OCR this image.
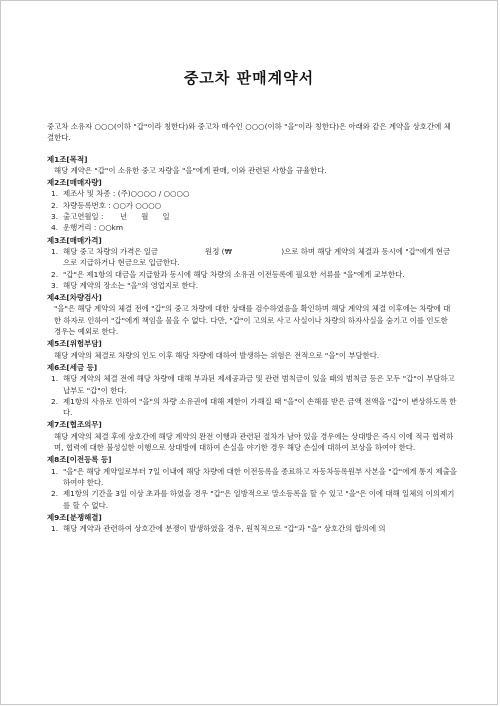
중고차 판매계약서

중고차 소유자 ○○○(이하 "갑"이라 칭한다)와 중고차 매수인 ○○○(이하 "을"이라 칭한다)은 아래와 같은 계약을 상호간에 체결한다.

제1조[목적]

해당 계약은 "갑"이 소유한 중고 자량을 "을"에게 판매, 이와 관련된 사항을 규율한다.

제2조[매매자량]

1. 제조사 및 차종 : (주)○○○○ / ○○○○
2. 차량등록번호 : ○○가 ○○○○
3. 출고연월일 :       년      월      일
4. 운행거리 : ○○km

제3조[매매가격]

1. 해당 중고 차량의 가격은 일금                    원정 (₩                     )으로 하며 해당 계약의 체결과 동시에 "갑"에게 현금으로 지급하거나 현금으로 입금한다.
2. "갑"은 제1항의 대금을 지급함과 동시에 해당 차량의 소유권 이전등록에 필요한 서류를 "을"에게 교부한다.
3. 해당 계약의 장소는 "을"의 영업지로 한다.

제4조[차량검사]

"을"은 해당 계약의 체결 전에 "갑"의 중고 차량에 대한 상태를 검수하였음을 확인하며 해당 계약의 체결 이후에는 차량에 대한 하자로 인하여 "갑"에게 책임을 물을 수 없다. 다만, "갑"이 고의로 사고 사실이나 차량의 하자사실을 숨기고 이를 인도한 경우는 예외로 한다.

제5조[위험부담]

해당 계약의 체결로 차량의 인도 이후 해당 차량에 대하여 발생하는 위험은 전적으로 "을"이 부담한다.

제6조[세금 등]

1. 해당 계약의 체결 전에 해당 차량에 대해 부과된 제세공과금 및 관련 범칙금이 있을 때의 범칙금 등은 모두 "갑"이 부담하고 납부도 "갑"이 한다.
2. 제1항의 사유로 인하여 "을"의 차량 소유권에 대해 제한이 가해질 때 "을"이 손해를 받은 금액 전액을 "갑"이 변상하도록 한다.

제7조[협조의무]

해당 계약의 체결 후에 상호간에 해당 계약의 완전 이행과 관련된 절차가 남아 있을 경우에는 상대방은 즉시 이에 적극 협력하며, 협력에 대한 불성실한 이행으로 상대방에 대하여 손실을 야기한 경우 해당 손실에 대하여 보상을 하여야 한다.

제8조[이전등록 등]

1. "을"은 해당 계약일로부터 7일 이내에 해당 차량에 대한 이전등록을 종료하고 자동차등록원부 사본을 "갑"에게 통지 제출을 하여야 한다.
2. 제1항의 기간을 3일 이상 초과를 하였을 경우 "갑"은 일방적으로 말소등록을 할 수 있고 "을"은 이에 대해 일체의 이의제기를 할 수 없다.

제9조[분쟁해결]

1. 해당 계약과 관련하여 상호간에 분쟁이 발생하였을 경우, 원칙적으로 "갑"과 "을" 상호간의 합의에 의
